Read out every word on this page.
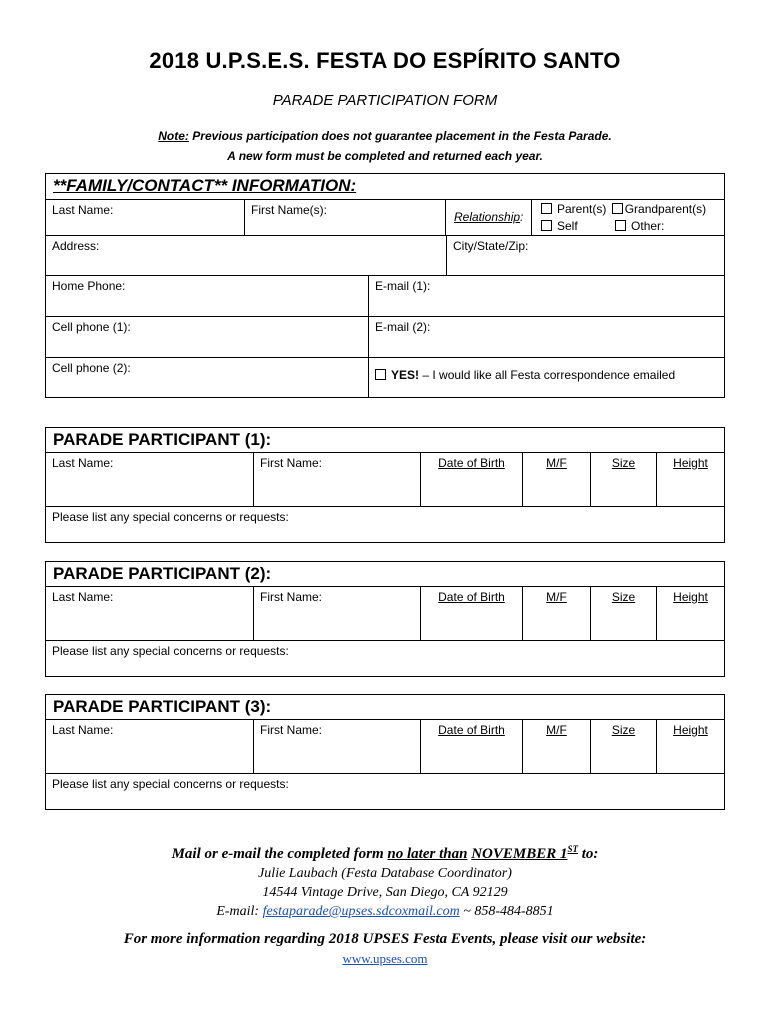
2018 U.P.S.E.S. FESTA DO ESPÍRITO SANTO
PARADE PARTICIPATION FORM
Note: Previous participation does not guarantee placement in the Festa Parade.
A new form must be completed and returned each year.
**FAMILY/CONTACT** INFORMATION:
Last Name:	First Name(s):	Relationship:
Parent(s) Grandparent(s)
Self	Other:
Address:	City/State/Zip:
Home Phone:	E-mail (1):
Cell phone (1):	E-mail (2):
Cell phone (2):	YES! – I would like all Festa correspondence emailed
PARADE PARTICIPANT (1):
Last Name:	First Name:	Date of Birth	M/F	Size	Height
Please list any special concerns or requests:
PARADE PARTICIPANT (2):
Last Name:	First Name:	Date of Birth	M/F	Size	Height
Please list any special concerns or requests:
PARADE PARTICIPANT (3):
Last Name:	First Name:	Date of Birth	M/F	Size	Height
Please list any special concerns or requests:
Mail or e-mail the completed form no later than NOVEMBER 1ST to:
Julie Laubach (Festa Database Coordinator)
14544 Vintage Drive, San Diego, CA 92129
E-mail: festaparade@upses.sdcoxmail.com ~ 858-484-8851
For more information regarding 2018 UPSES Festa Events, please visit our website:
www.upses.com
